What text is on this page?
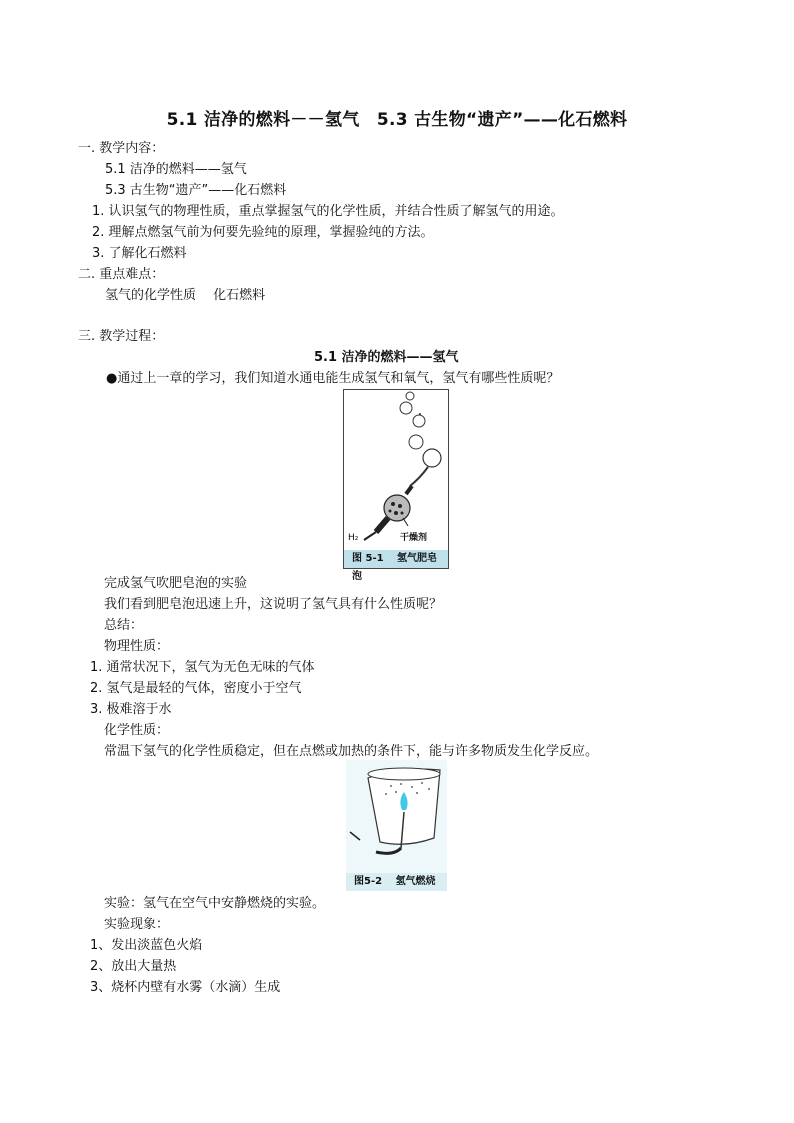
5.1 洁净的燃料－－氢气　5.3 古生物“遗产”——化石燃料
一. 教学内容：
5.1 洁净的燃料——氢气
5.3 古生物“遗产”——化石燃料
1. 认识氢气的物理性质，重点掌握氢气的化学性质，并结合性质了解氢气的用途。
2. 理解点燃氢气前为何要先验纯的原理，掌握验纯的方法。
3. 了解化石燃料
二. 重点难点：
氢气的化学性质　 化石燃料
三. 教学过程：
5.1 洁净的燃料——氢气
●通过上一章的学习，我们知道水通电能生成氢气和氧气，氢气有哪些性质呢？
H₂	干燥剂
图 5-1 氢气肥皂泡
完成氢气吹肥皂泡的实验
我们看到肥皂泡迅速上升，这说明了氢气具有什么性质呢？
总结：
物理性质：
1. 通常状况下，氢气为无色无味的气体
2. 氢气是最轻的气体，密度小于空气
3. 极难溶于水
化学性质：
常温下氢气的化学性质稳定，但在点燃或加热的条件下，能与许多物质发生化学反应。
图5-2 氢气燃烧
实验：氢气在空气中安静燃烧的实验。
实验现象：
1、发出淡蓝色火焰
2、放出大量热
3、烧杯内壁有水雾（水滴）生成
